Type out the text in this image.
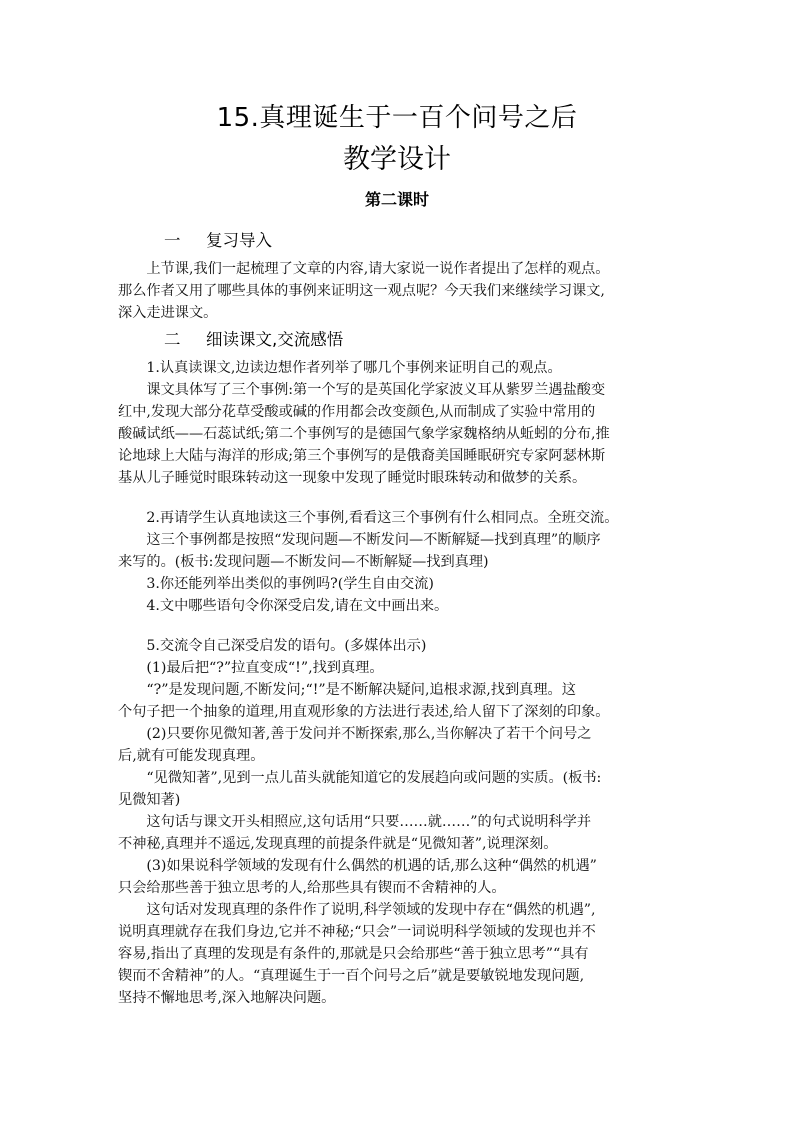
15.真理诞生于一百个问号之后
教学设计
第二课时
一 复习导入
　　上节课,我们一起梳理了文章的内容,请大家说一说作者提出了怎样的观点。
那么作者又用了哪些具体的事例来证明这一观点呢？今天我们来继续学习课文,
深入走进课文。
二 细读课文,交流感悟
　　1.认真读课文,边读边想作者列举了哪几个事例来证明自己的观点。
　　课文具体写了三个事例:第一个写的是英国化学家波义耳从紫罗兰遇盐酸变
红中,发现大部分花草受酸或碱的作用都会改变颜色,从而制成了实验中常用的
酸碱试纸——石蕊试纸;第二个事例写的是德国气象学家魏格纳从蚯蚓的分布,推
论地球上大陆与海洋的形成;第三个事例写的是俄裔美国睡眠研究专家阿瑟林斯
基从儿子睡觉时眼珠转动这一现象中发现了睡觉时眼珠转动和做梦的关系。
　　2.再请学生认真地读这三个事例,看看这三个事例有什么相同点。全班交流。
　　这三个事例都是按照“发现问题—不断发问—不断解疑—找到真理”的顺序
来写的。(板书:发现问题—不断发问—不断解疑—找到真理)
　　3.你还能列举出类似的事例吗?(学生自由交流)
　　4.文中哪些语句令你深受启发,请在文中画出来。
　　5.交流令自己深受启发的语句。(多媒体出示)
　　(1)最后把“?”拉直变成“!”,找到真理。
　　“?”是发现问题,不断发问;“!”是不断解决疑问,追根求源,找到真理。这
个句子把一个抽象的道理,用直观形象的方法进行表述,给人留下了深刻的印象。
　　(2)只要你见微知著,善于发问并不断探索,那么,当你解决了若干个问号之
后,就有可能发现真理。
　　“见微知著”,见到一点儿苗头就能知道它的发展趋向或问题的实质。(板书:
见微知著)
　　这句话与课文开头相照应,这句话用“只要……就……”的句式说明科学并
不神秘,真理并不遥远,发现真理的前提条件就是“见微知著”,说理深刻。
　　(3)如果说科学领域的发现有什么偶然的机遇的话,那么这种“偶然的机遇”
只会给那些善于独立思考的人,给那些具有锲而不舍精神的人。
　　这句话对发现真理的条件作了说明,科学领域的发现中存在“偶然的机遇”,
说明真理就存在我们身边,它并不神秘;“只会”一词说明科学领域的发现也并不
容易,指出了真理的发现是有条件的,那就是只会给那些“善于独立思考”“具有
锲而不舍精神”的人。“真理诞生于一百个问号之后”就是要敏锐地发现问题,
坚持不懈地思考,深入地解决问题。
